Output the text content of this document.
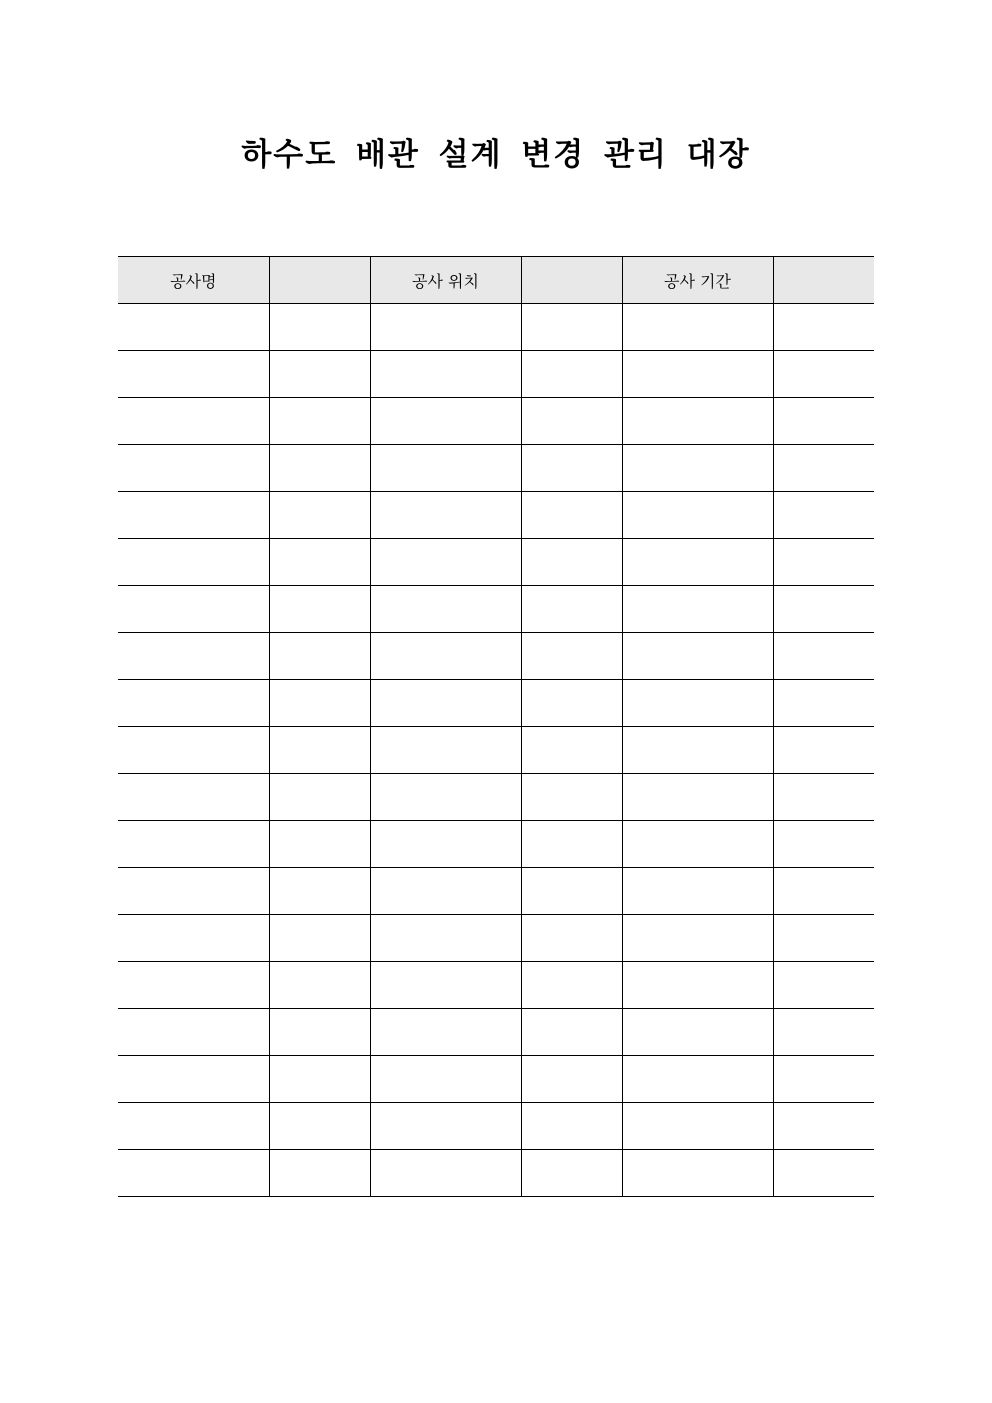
하수도 배관 설계 변경 관리 대장
공사명		공사 위치		공사 기간	
